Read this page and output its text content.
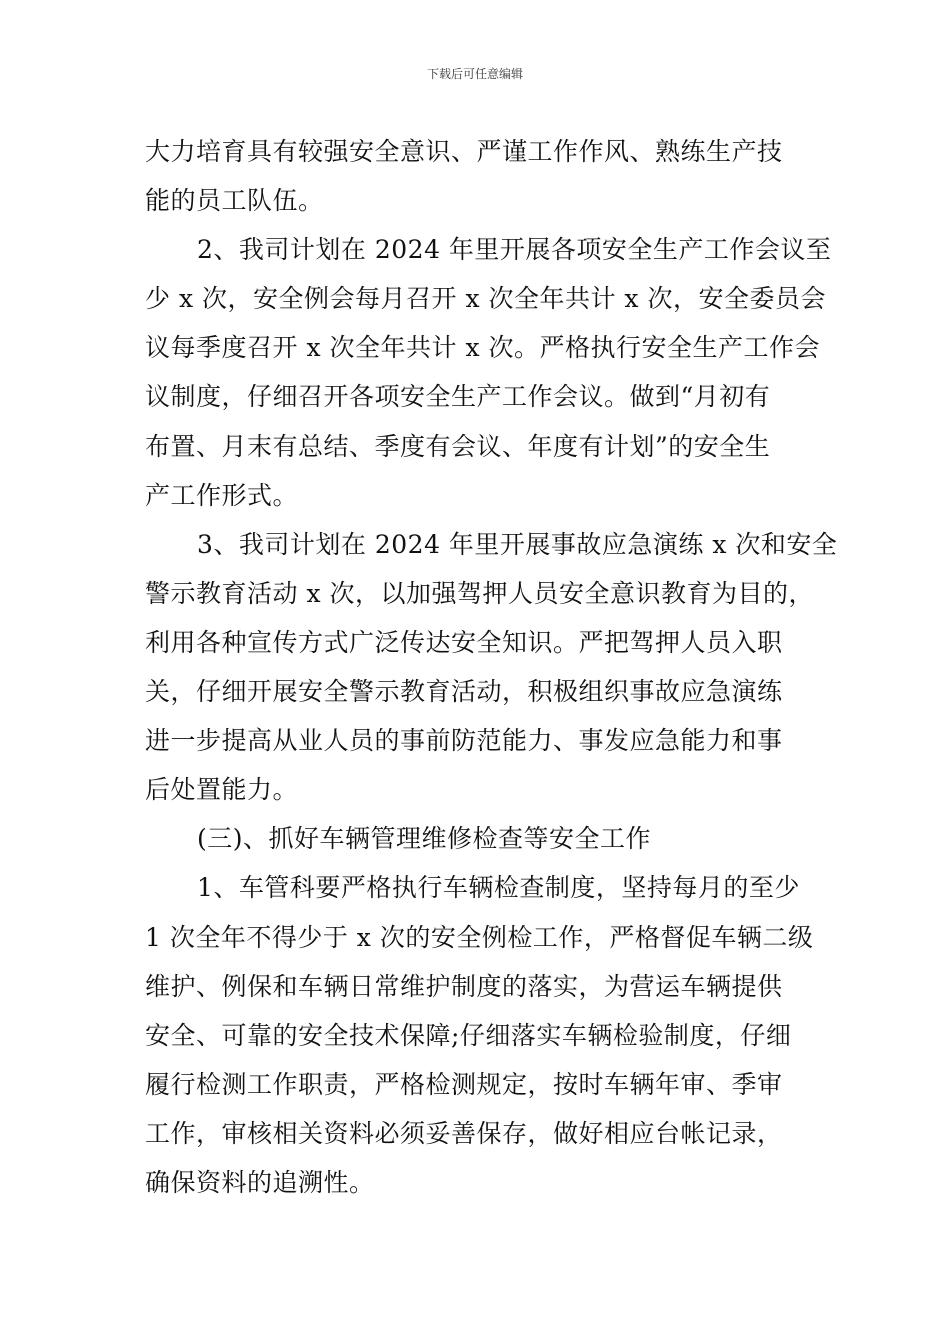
下载后可任意编辑
大力培育具有较强安全意识、严谨工作作风、熟练生产技
能的员工队伍。
2、我司计划在 2024 年里开展各项安全生产工作会议至
少 x 次，安全例会每月召开 x 次全年共计 x 次，安全委员会
议每季度召开 x 次全年共计 x 次。严格执行安全生产工作会
议制度，仔细召开各项安全生产工作会议。做到“月初有
布置、月末有总结、季度有会议、年度有计划”的安全生
产工作形式。
3、我司计划在 2024 年里开展事故应急演练 x 次和安全
警示教育活动 x 次，以加强驾押人员安全意识教育为目的，
利用各种宣传方式广泛传达安全知识。严把驾押人员入职
关，仔细开展安全警示教育活动，积极组织事故应急演练
进一步提高从业人员的事前防范能力、事发应急能力和事
后处置能力。
(三)、抓好车辆管理维修检查等安全工作
1、车管科要严格执行车辆检查制度，坚持每月的至少
1 次全年不得少于 x 次的安全例检工作，严格督促车辆二级
维护、例保和车辆日常维护制度的落实，为营运车辆提供
安全、可靠的安全技术保障;仔细落实车辆检验制度，仔细
履行检测工作职责，严格检测规定，按时车辆年审、季审
工作，审核相关资料必须妥善保存，做好相应台帐记录，
确保资料的追溯性。
